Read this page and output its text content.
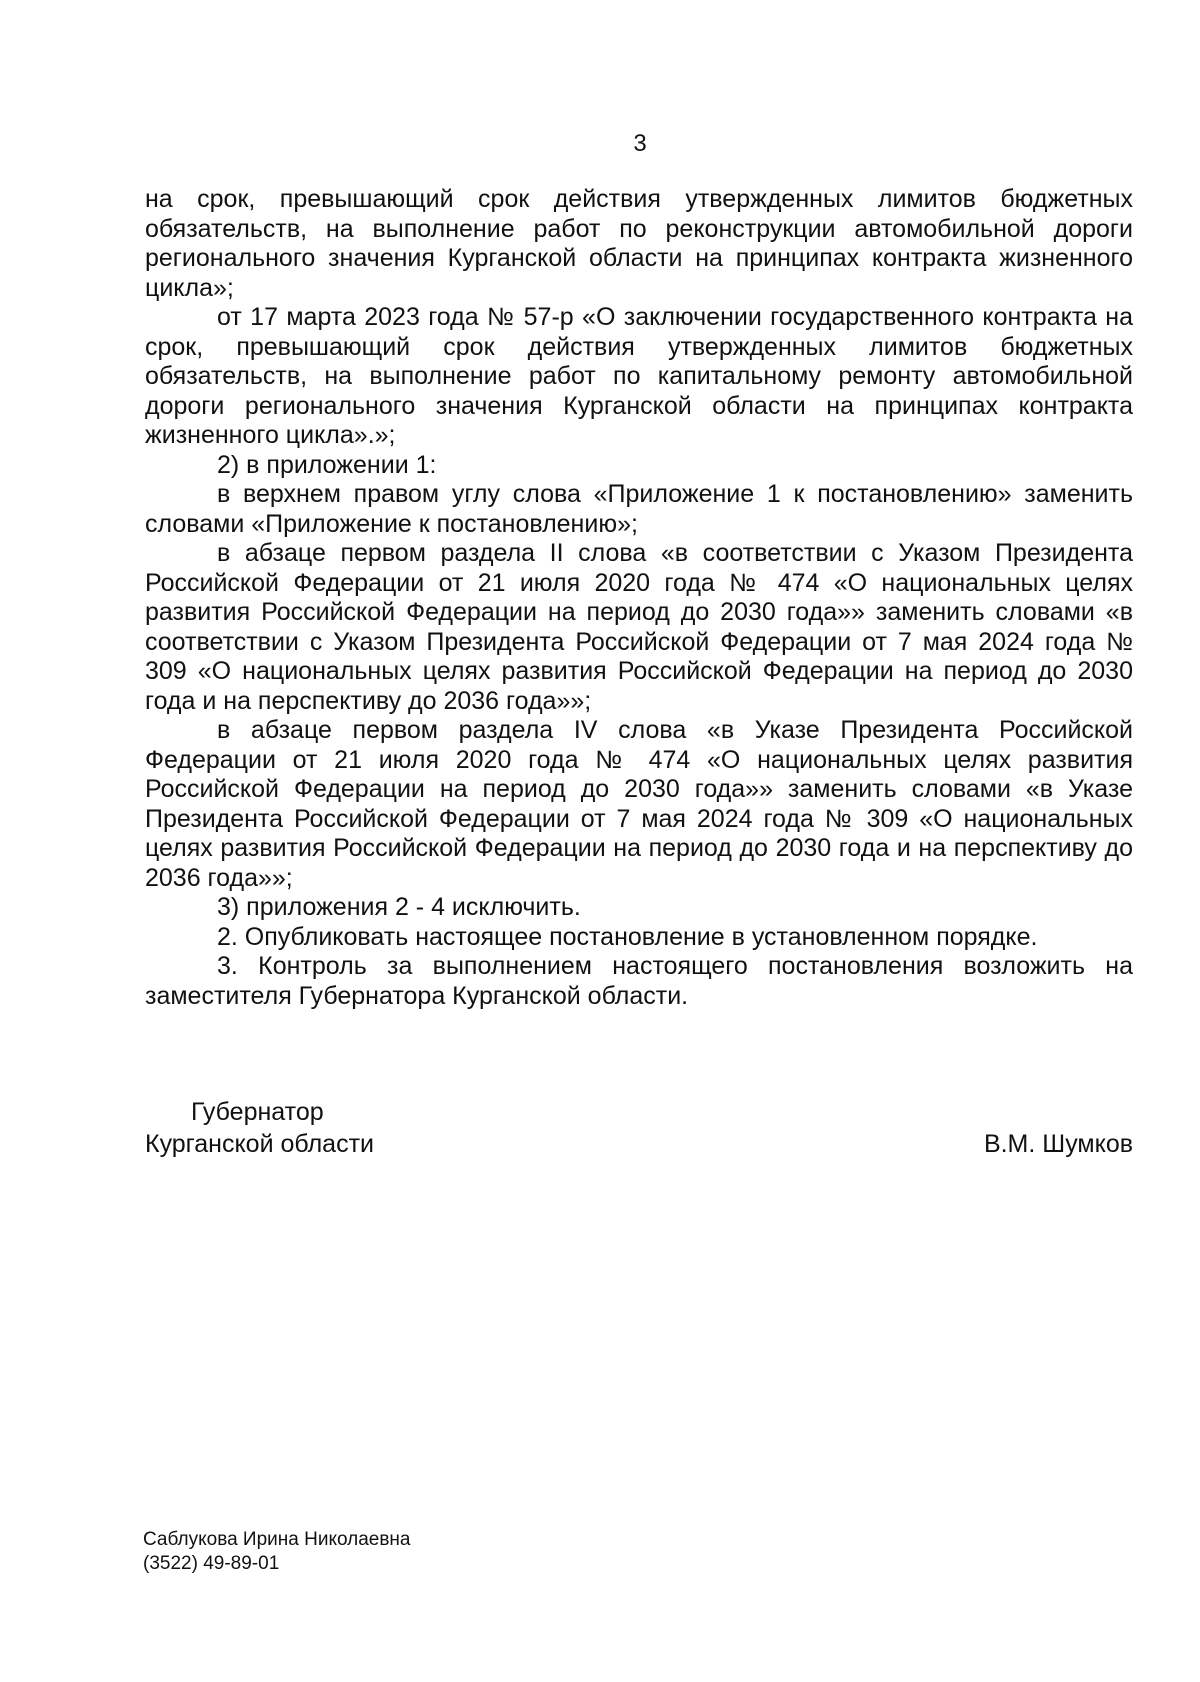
3

на срок, превышающий срок действия утвержденных лимитов бюджетных обязательств, на выполнение работ по реконструкции автомобильной дороги регионального значения Курганской области на принципах контракта жизненного цикла»;

от 17 марта 2023 года № 57-р «О заключении государственного контракта на срок, превышающий срок действия утвержденных лимитов бюджетных обязательств, на выполнение работ по капитальному ремонту автомобильной дороги регионального значения Курганской области на принципах контракта жизненного цикла».»;

2) в приложении 1:

в верхнем правом углу слова «Приложение 1 к постановлению» заменить словами «Приложение к постановлению»;

в абзаце первом раздела II слова «в соответствии с Указом Президента Российской Федерации от 21 июля 2020 года № 474 «О национальных целях развития Российской Федерации на период до 2030 года»» заменить словами «в соответствии с Указом Президента Российской Федерации от 7 мая 2024 года № 309 «О национальных целях развития Российской Федерации на период до 2030 года и на перспективу до 2036 года»»;

в абзаце первом раздела IV слова «в Указе Президента Российской Федерации от 21 июля 2020 года № 474 «О национальных целях развития Российской Федерации на период до 2030 года»» заменить словами «в Указе Президента Российской Федерации от 7 мая 2024 года № 309 «О национальных целях развития Российской Федерации на период до 2030 года и на перспективу до 2036 года»»;

3) приложения 2 - 4 исключить.

2. Опубликовать настоящее постановление в установленном порядке.

3. Контроль за выполнением настоящего постановления возложить на заместителя Губернатора Курганской области.

Губернатор
Курганской области	В.М. Шумков
Саблукова Ирина Николаевна
(3522) 49-89-01
